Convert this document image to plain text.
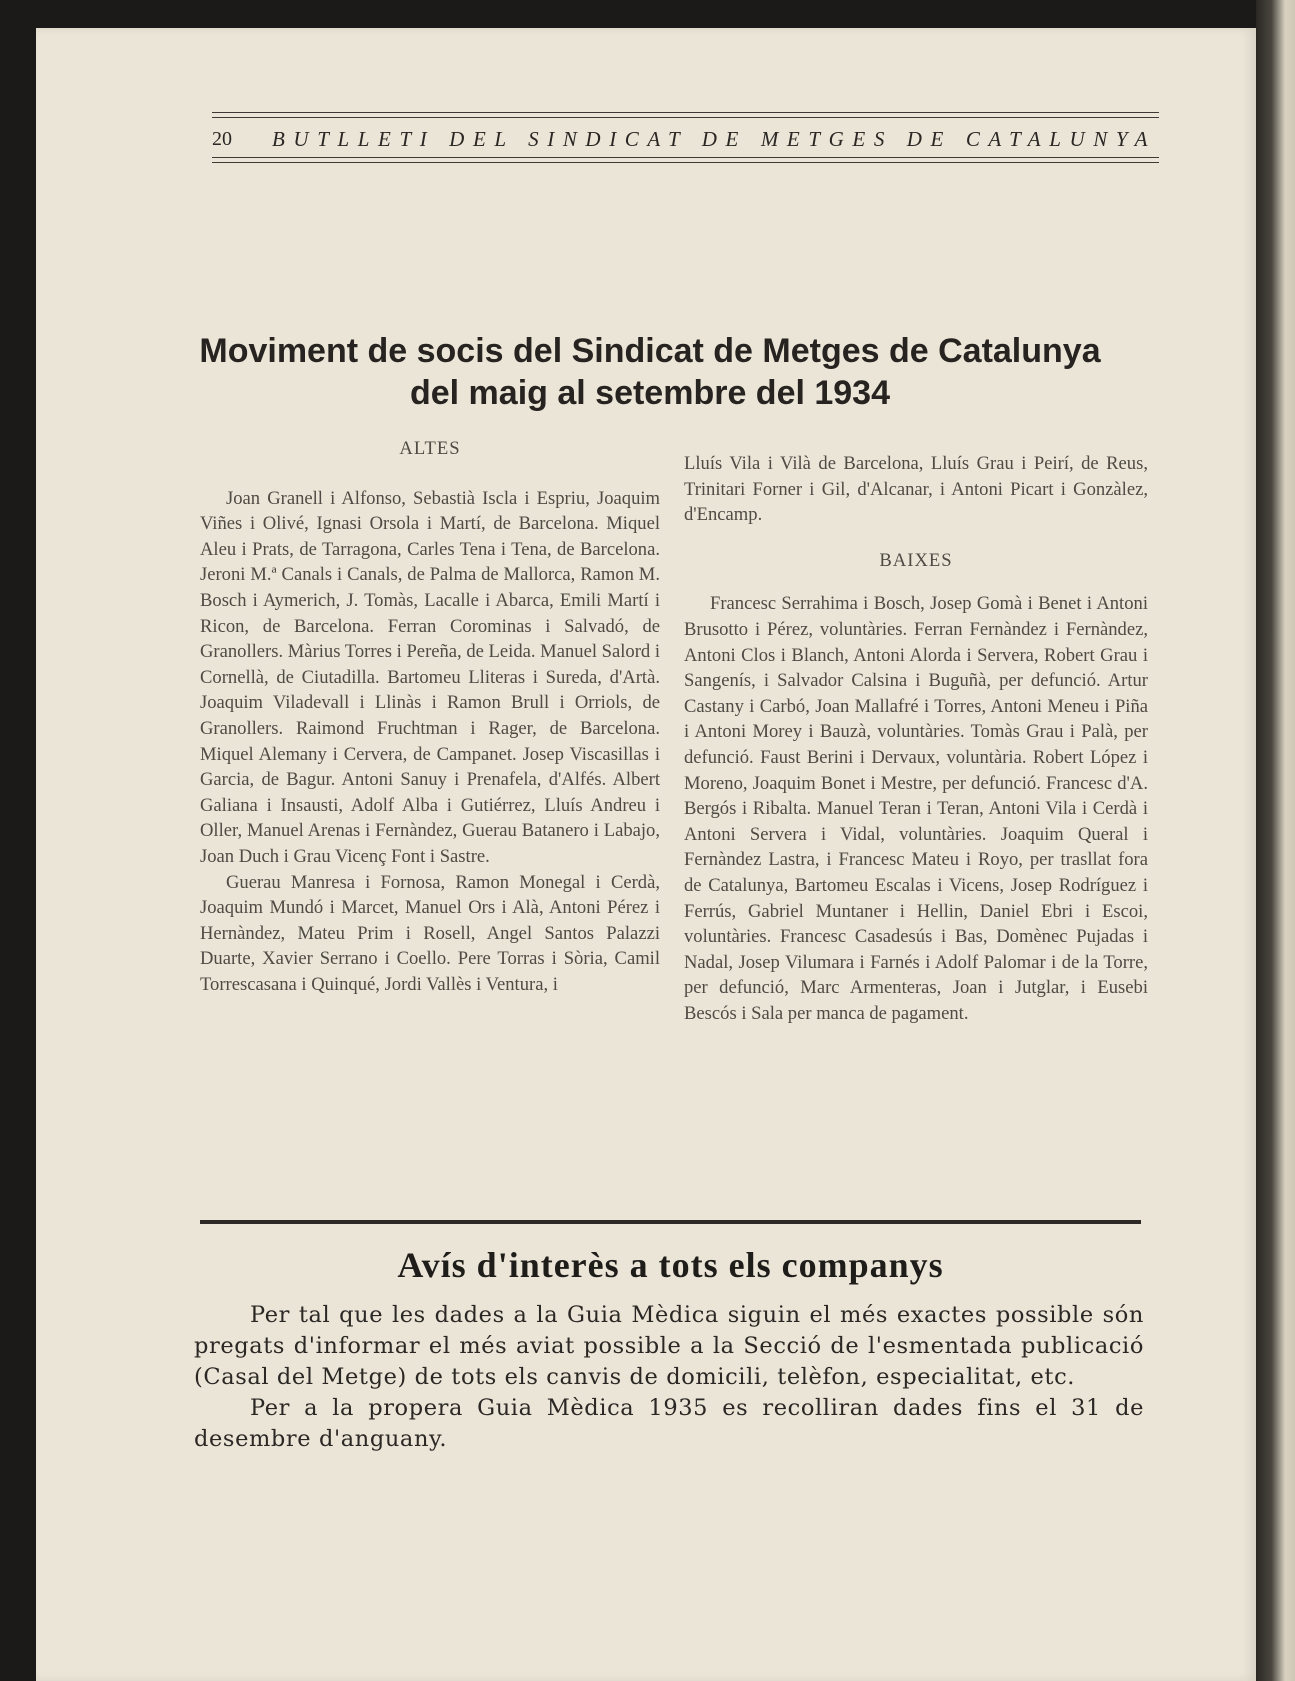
20	BUTLLETI DEL SINDICAT DE METGES DE CATALUNYA
Moviment de socis del Sindicat de Metges de Catalunya
del maig al setembre del 1934
ALTES

Joan Granell i Alfonso, Sebastià Iscla i Espriu, Joaquim Viñes i Olivé, Ignasi Orsola i Martí, de Barcelona. Miquel Aleu i Prats, de Tarragona, Carles Tena i Tena, de Barcelona. Jeroni M.ª Canals i Canals, de Palma de Mallorca, Ramon M. Bosch i Aymerich, J. Tomàs, Lacalle i Abarca, Emili Martí i Ricon, de Barcelona. Ferran Corominas i Salvadó, de Granollers. Màrius Torres i Pereña, de Leida. Manuel Salord i Cornellà, de Ciutadilla. Bartomeu Lliteras i Sureda, d'Artà. Joaquim Viladevall i Llinàs i Ramon Brull i Orriols, de Granollers. Raimond Fruchtman i Rager, de Barcelona. Miquel Alemany i Cervera, de Campanet. Josep Viscasillas i Garcia, de Bagur. Antoni Sanuy i Prenafela, d'Alfés. Albert Galiana i Insausti, Adolf Alba i Gutiérrez, Lluís Andreu i Oller, Manuel Arenas i Fernàndez, Guerau Batanero i Labajo, Joan Duch i Grau Vicenç Font i Sastre.

Guerau Manresa i Fornosa, Ramon Monegal i Cerdà, Joaquim Mundó i Marcet, Manuel Ors i Alà, Antoni Pérez i Hernàndez, Mateu Prim i Rosell, Angel Santos Palazzi Duarte, Xavier Serrano i Coello. Pere Torras i Sòria, Camil Torrescasana i Quinqué, Jordi Vallès i Ventura, i

Lluís Vila i Vilà de Barcelona, Lluís Grau i Peirí, de Reus, Trinitari Forner i Gil, d'Alcanar, i Antoni Picart i Gonzàlez, d'Encamp.

BAIXES

Francesc Serrahima i Bosch, Josep Gomà i Benet i Antoni Brusotto i Pérez, voluntàries. Ferran Fernàndez i Fernàndez, Antoni Clos i Blanch, Antoni Alorda i Servera, Robert Grau i Sangenís, i Salvador Calsina i Buguñà, per defunció. Artur Castany i Carbó, Joan Mallafré i Torres, Antoni Meneu i Piña i Antoni Morey i Bauzà, voluntàries. Tomàs Grau i Palà, per defunció. Faust Berini i Dervaux, voluntària. Robert López i Moreno, Joaquim Bonet i Mestre, per defunció. Francesc d'A. Bergós i Ribalta. Manuel Teran i Teran, Antoni Vila i Cerdà i Antoni Servera i Vidal, voluntàries. Joaquim Queral i Fernàndez Lastra, i Francesc Mateu i Royo, per trasllat fora de Catalunya, Bartomeu Escalas i Vicens, Josep Rodríguez i Ferrús, Gabriel Muntaner i Hellin, Daniel Ebri i Escoi, voluntàries. Francesc Casadesús i Bas, Domènec Pujadas i Nadal, Josep Vilumara i Farnés i Adolf Palomar i de la Torre, per defunció, Marc Armenteras, Joan i Jutglar, i Eusebi Bescós i Sala per manca de pagament.

Avís d'interès a tots els companys

Per tal que les dades a la Guia Mèdica siguin el més exactes possible són pregats d'informar el més aviat possible a la Secció de l'esmentada publicació (Casal del Metge) de tots els canvis de domicili, telèfon, especialitat, etc.

Per a la propera Guia Mèdica 1935 es recolliran dades fins el 31 de desembre d'anguany.
